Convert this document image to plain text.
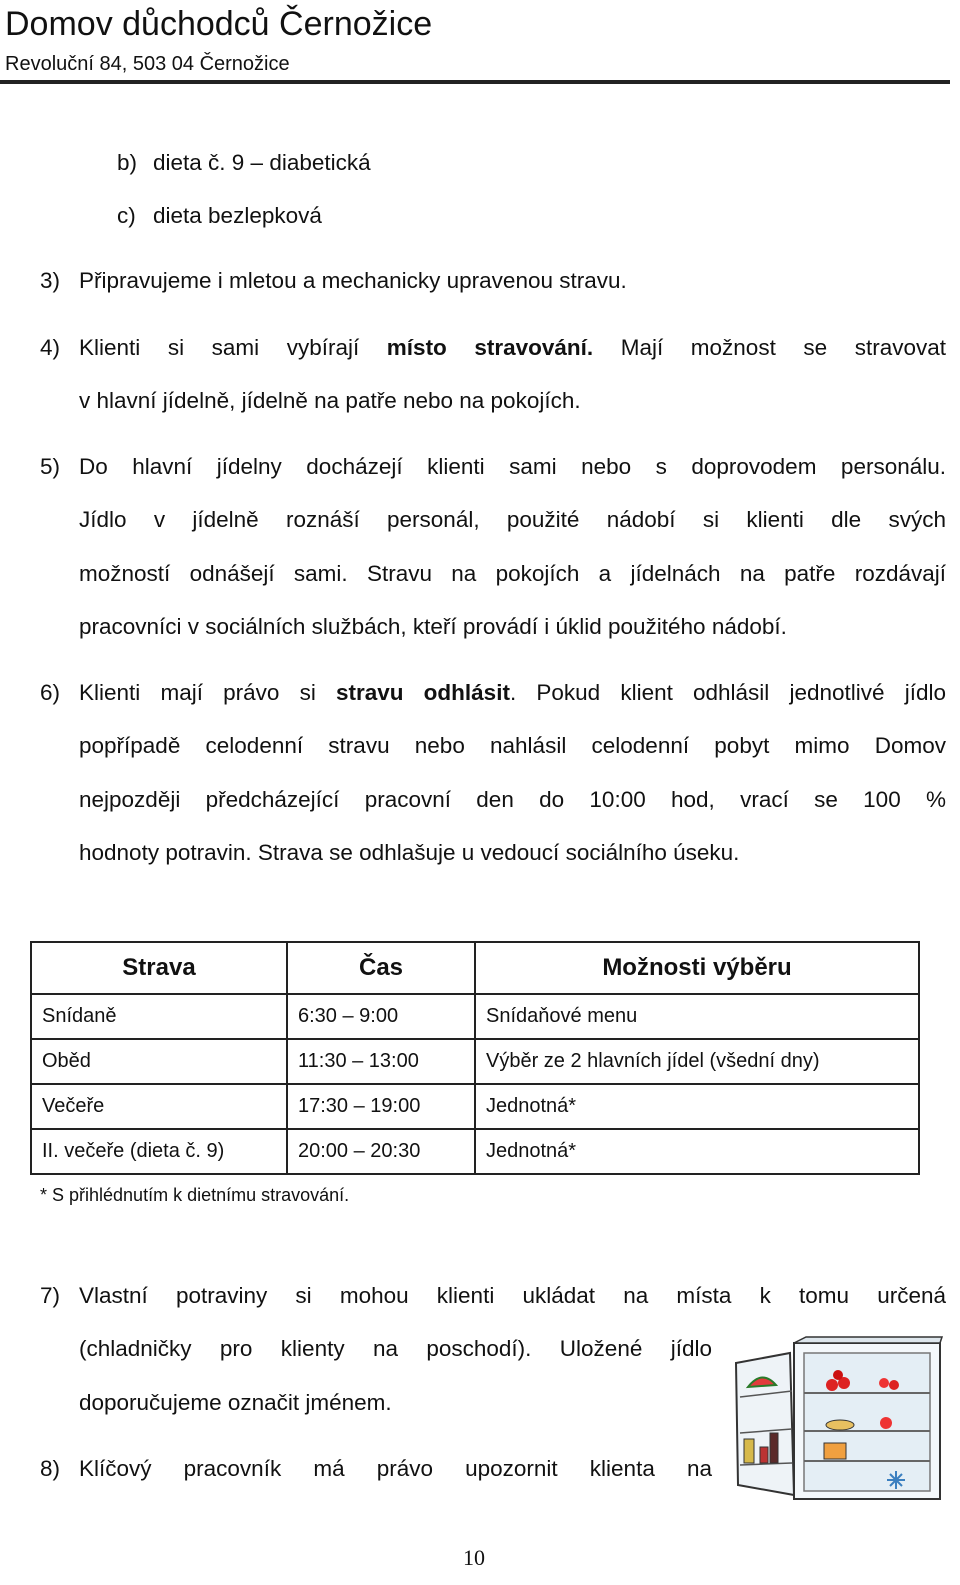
Domov důchodců Černožice
Revoluční 84, 503 04 Černožice
b) dieta č. 9 – diabetická
c) dieta bezlepková
3) Připravujeme i mletou a mechanicky upravenou stravu.
4) Klienti si sami vybírají místo stravování. Mají možnost se stravovat
v hlavní jídelně, jídelně na patře nebo na pokojích.
5) Do hlavní jídelny docházejí klienti sami nebo s doprovodem personálu.
Jídlo v jídelně roznáší personál, použité nádobí si klienti dle svých
možností odnášejí sami. Stravu na pokojích a jídelnách na patře rozdávají
pracovníci v sociálních službách, kteří provádí i úklid použitého nádobí.
6) Klienti mají právo si stravu odhlásit. Pokud klient odhlásil jednotlivé jídlo
popřípadě celodenní stravu nebo nahlásil celodenní pobyt mimo Domov
nejpozději předcházející pracovní den do 10:00 hod, vrací se 100 %
hodnoty potravin. Strava se odhlašuje u vedoucí sociálního úseku.
Strava	Čas	Možnosti výběru
Snídaně	6:30 – 9:00	Snídaňové menu
Oběd	11:30 – 13:00	Výběr ze 2 hlavních jídel (všední dny)
Večeře	17:30 – 19:00	Jednotná*
II. večeře (dieta č. 9)	20:00 – 20:30	Jednotná*
* S přihlédnutím k dietnímu stravování.
7) Vlastní potraviny si mohou klienti ukládat na místa k tomu určená
(chladničky pro klienty na poschodí). Uložené jídlo
doporučujeme označit jménem.
8) Klíčový pracovník má právo upozornit klienta na
10
